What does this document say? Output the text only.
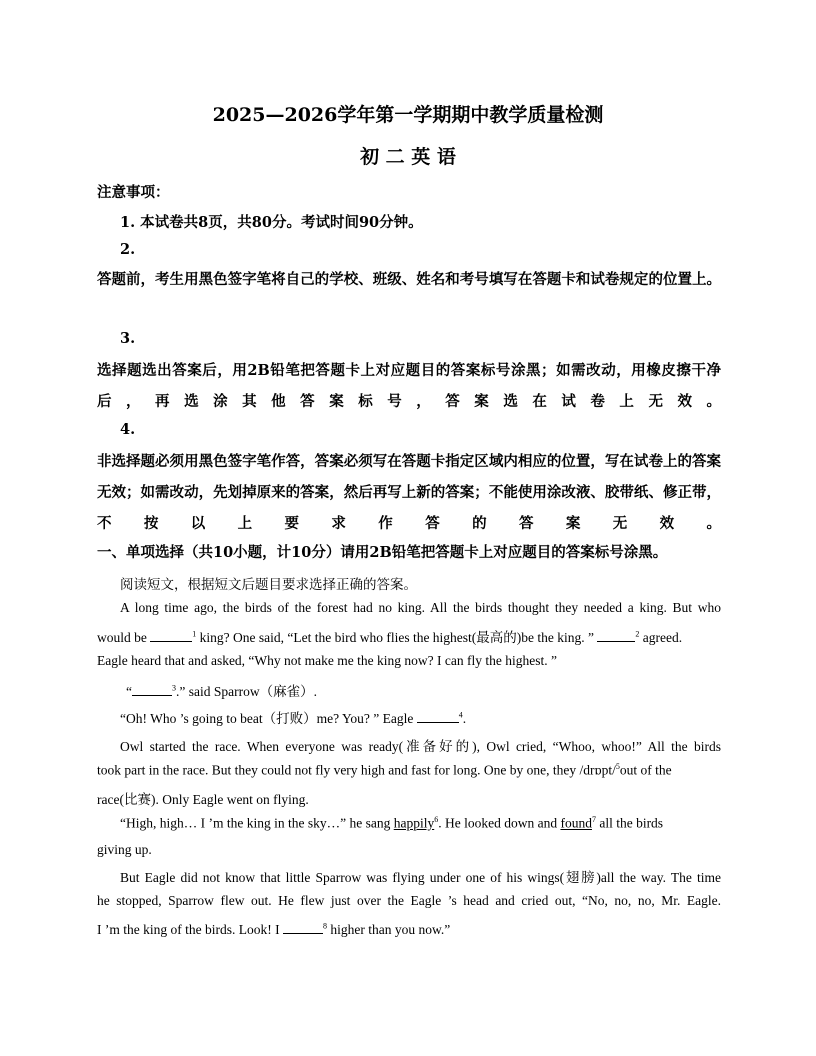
2025—2026学年第一学期期中教学质量检测
初 二 英 语
注意事项：
1. 本试卷共8页，共80分。考试时间90分钟。
2.
答题前，考生用黑色签字笔将自己的学校、班级、姓名和考号填写在答题卡和试卷规定的位置上。
3.
选择题选出答案后，用2B铅笔把答题卡上对应题目的答案标号涂黑；如需改动，用橡皮擦干净后，再选涂其他答案标号，答案选在试卷上无效。
4.
非选择题必须用黑色签字笔作答，答案必须写在答题卡指定区域内相应的位置，写在试卷上的答案无效；如需改动，先划掉原来的答案，然后再写上新的答案；不能使用涂改液、胶带纸、修正带，不按以上要求作答的答案无效。
一、单项选择（共10小题，计10分）请用2B铅笔把答题卡上对应题目的答案标号涂黑。
阅读短文，根据短文后题目要求选择正确的答案。
A long time ago, the birds of the forest had no king. All the birds thought they needed a king. But who
would be	$^1$ king? One said, “Let the bird who flies the highest(最高的)be the king. ”	$^2$ agreed.
Eagle heard that and asked, “Why not make me the king now? I can fly the highest. ”
“	$^3$.” said Sparrow（麻雀）.
“Oh! Who ’s going to beat（打败）me? You? ” Eagle	$^4$.
Owl started the race. When everyone was ready(准备好的), Owl cried, “Whoo, whoo!” All the birds
took part in the race. But they could not fly very high and fast for long. One by one, they /drɒpt/$^5$out of the
race(比赛). Only Eagle went on flying.
“High, high… I ’m the king in the sky…” he sang happily$^6$. He looked down and found$^7$ all the birds
giving up.
But Eagle did not know that little Sparrow was flying under one of his wings(翅膀)all the way. The time
he stopped, Sparrow flew out. He flew just over the Eagle ’s head and cried out, “No, no, no, Mr. Eagle.
I ’m the king of the birds. Look! I	$^8$ higher than you now.”
